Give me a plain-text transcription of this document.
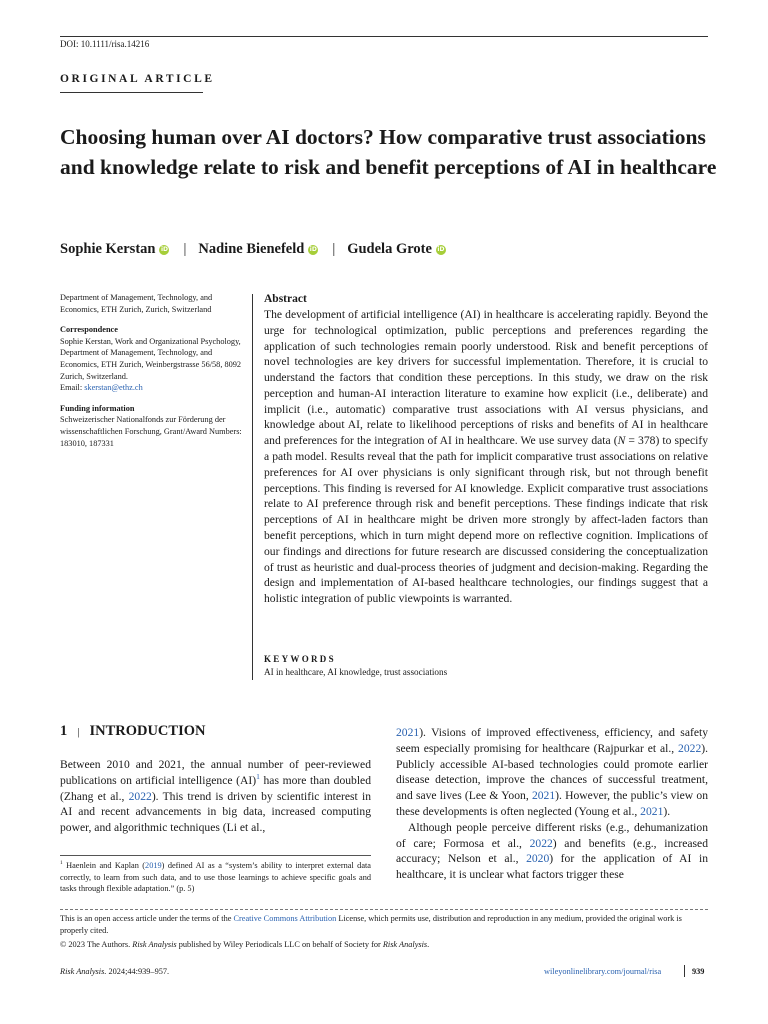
DOI: 10.1111/risa.14216
ORIGINAL ARTICLE
Choosing human over AI doctors? How comparative trust associations and knowledge relate to risk and benefit perceptions of AI in healthcare
Sophie Kerstan iD | Nadine Bienefeld iD | Gudela Grote iD
Department of Management, Technology, and Economics, ETH Zurich, Zurich, Switzerland
Correspondence
Sophie Kerstan, Work and Organizational Psychology, Department of Management, Technology, and Economics, ETH Zurich, Weinbergstrasse 56/58, 8092 Zurich, Switzerland.
Email: skerstan@ethz.ch
Funding information
Schweizerischer Nationalfonds zur Förderung der wissenschaftlichen Forschung, Grant/Award Numbers: 183010, 187331
Abstract
The development of artificial intelligence (AI) in healthcare is accelerating rapidly. Beyond the urge for technological optimization, public perceptions and preferences regarding the application of such technologies remain poorly understood. Risk and benefit perceptions of novel technologies are key drivers for successful implementation. Therefore, it is crucial to understand the factors that condition these perceptions. In this study, we draw on the risk perception and human-AI interaction literature to examine how explicit (i.e., deliberate) and implicit (i.e., automatic) comparative trust associations with AI versus physicians, and knowledge about AI, relate to likelihood perceptions of risks and benefits of AI in healthcare and preferences for the integration of AI in healthcare. We use survey data (N = 378) to specify a path model. Results reveal that the path for implicit comparative trust associations on relative preferences for AI over physicians is only significant through risk, but not through benefit perceptions. This finding is reversed for AI knowledge. Explicit comparative trust associations relate to AI preference through risk and benefit perceptions. These findings indicate that risk perceptions of AI in healthcare might be driven more strongly by affect-laden factors than benefit perceptions, which in turn might depend more on reflective cognition. Implications of our findings and directions for future research are discussed considering the conceptualization of trust as heuristic and dual-process theories of judgment and decision-making. Regarding the design and implementation of AI-based healthcare technologies, our findings suggest that a holistic integration of public viewpoints is warranted.
KEYWORDS
AI in healthcare, AI knowledge, trust associations
1 | INTRODUCTION
Between 2010 and 2021, the annual number of peer-reviewed publications on artificial intelligence (AI)$^1$ has more than doubled (Zhang et al., 2022). This trend is driven by scientific interest in AI and recent advancements in big data, increased computing power, and algorithmic techniques (Li et al.,

2021). Visions of improved effectiveness, efficiency, and safety seem especially promising for healthcare (Rajpurkar et al., 2022). Publicly accessible AI-based technologies could promote earlier disease detection, improve the chances of successful treatment, and save lives (Lee & Yoon, 2021). However, the public’s view on these developments is often neglected (Young et al., 2021).

Although people perceive different risks (e.g., dehumanization of care; Formosa et al., 2022) and benefits (e.g., increased accuracy; Nelson et al., 2020) for the application of AI in healthcare, it is unclear what factors trigger these

$^1$ Haenlein and Kaplan (2019) defined AI as a “system’s ability to interpret external data correctly, to learn from such data, and to use those learnings to achieve specific goals and tasks through flexible adaptation.” (p. 5)
This is an open access article under the terms of the Creative Commons Attribution License, which permits use, distribution and reproduction in any medium, provided the original work is properly cited.
© 2023 The Authors. Risk Analysis published by Wiley Periodicals LLC on behalf of Society for Risk Analysis.
Risk Analysis. 2024;44:939–957.	wileyonlinelibrary.com/journal/risa	939
